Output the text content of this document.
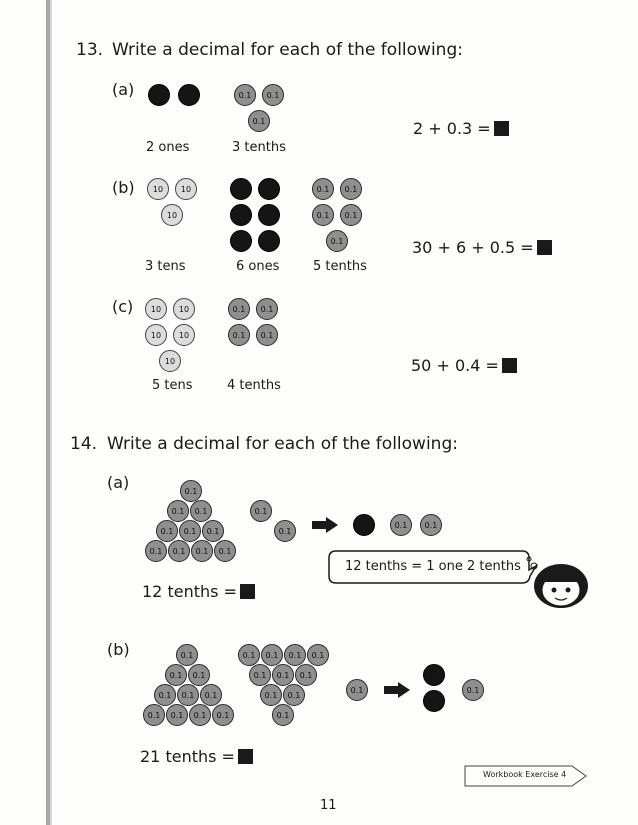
13. Write a decimal for each of the following:
(a)	0.1	0.1
0.1
2 ones	3 tenths
2 + 0.3 =
(b)	10	10
10
0.1	0.1
0.1	0.1
0.1
3 tens	6 ones	5 tenths
30 + 6 + 0.5 =
(c)	10	10
10	10
10
0.1	0.1
0.1	0.1
5 tens	4 tenths
50 + 0.4 =
14. Write a decimal for each of the following:
(a)	0.1
0.1	0.1
0.1	0.1	0.1
0.1	0.1	0.1	0.1
0.1
0.1
0.1	0.1
12 tenths = 1 one 2 tenths
12 tenths =
(b)	0.1
0.1	0.1
0.1	0.1	0.1
0.1	0.1	0.1	0.1
0.1	0.1	0.1	0.1
0.1	0.1	0.1
0.1	0.1
0.1
0.1	0.1
21 tenths =
Workbook Exercise 4
11
